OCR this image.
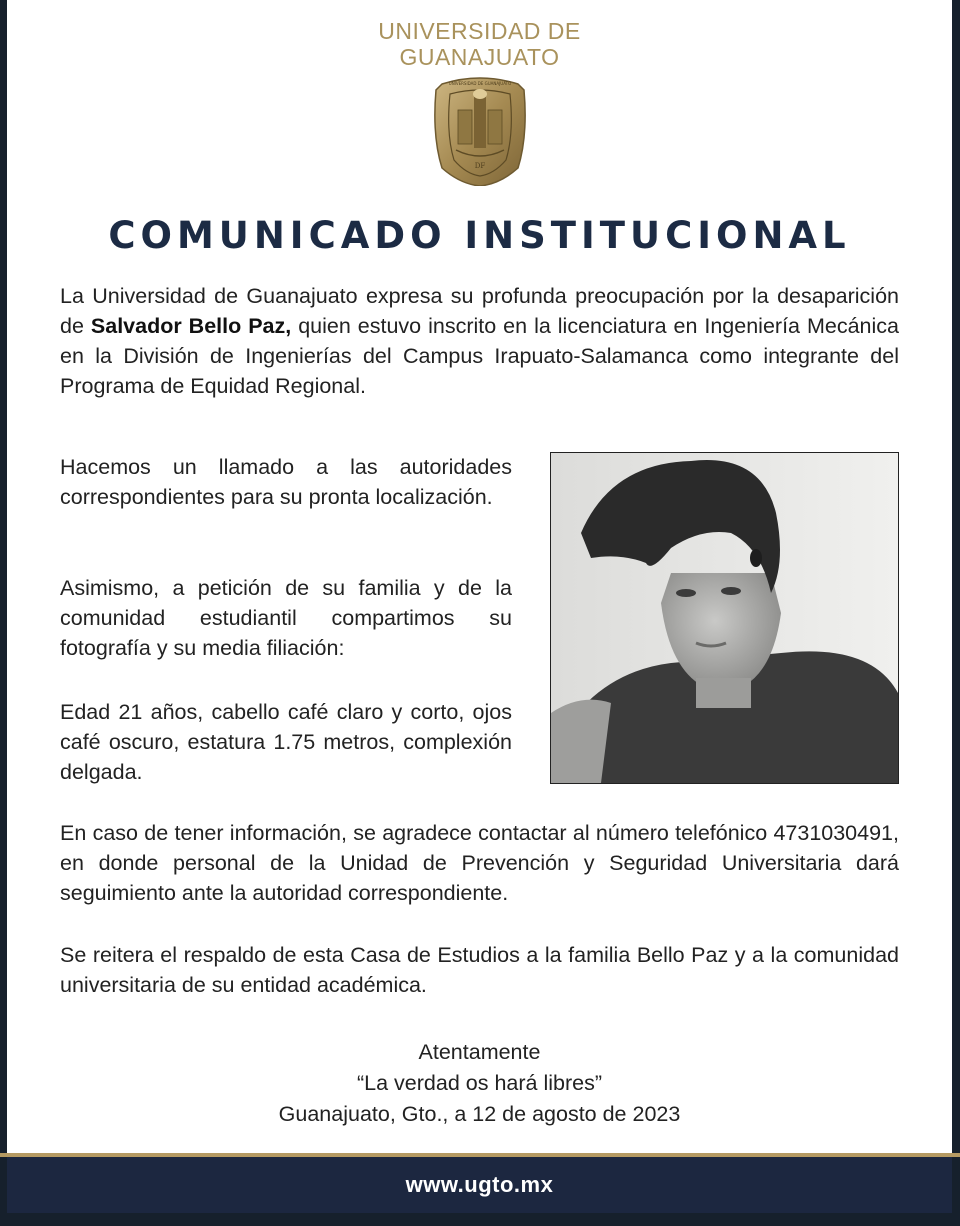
UNIVERSIDAD DE
GUANAJUATO
DF
UNIVERSIDAD DE GUANAJUATO
COMUNICADO INSTITUCIONAL

La Universidad de Guanajuato expresa su profunda preocupación por la desaparición de Salvador Bello Paz, quien estuvo inscrito en la licenciatura en Ingeniería Mecánica en la División de Ingenierías del Campus Irapuato-Salamanca como integrante del Programa de Equidad Regional.

Hacemos un llamado a las autoridades correspondientes para su pronta localización.

Asimismo, a petición de su familia y de la comunidad estudiantil compartimos su fotografía y su media filiación:

Edad 21 años, cabello café claro y corto, ojos café oscuro, estatura 1.75 metros, complexión delgada.

En caso de tener información, se agradece contactar al número telefónico 4731030491, en donde personal de la Unidad de Prevención y Seguridad Universitaria dará seguimiento ante la autoridad correspondiente.

Se reitera el respaldo de esta Casa de Estudios a la familia Bello Paz y a la comunidad universitaria de su entidad académica.

Atentamente
“La verdad os hará libres”
Guanajuato, Gto., a 12 de agosto de 2023
www.ugto.mx
